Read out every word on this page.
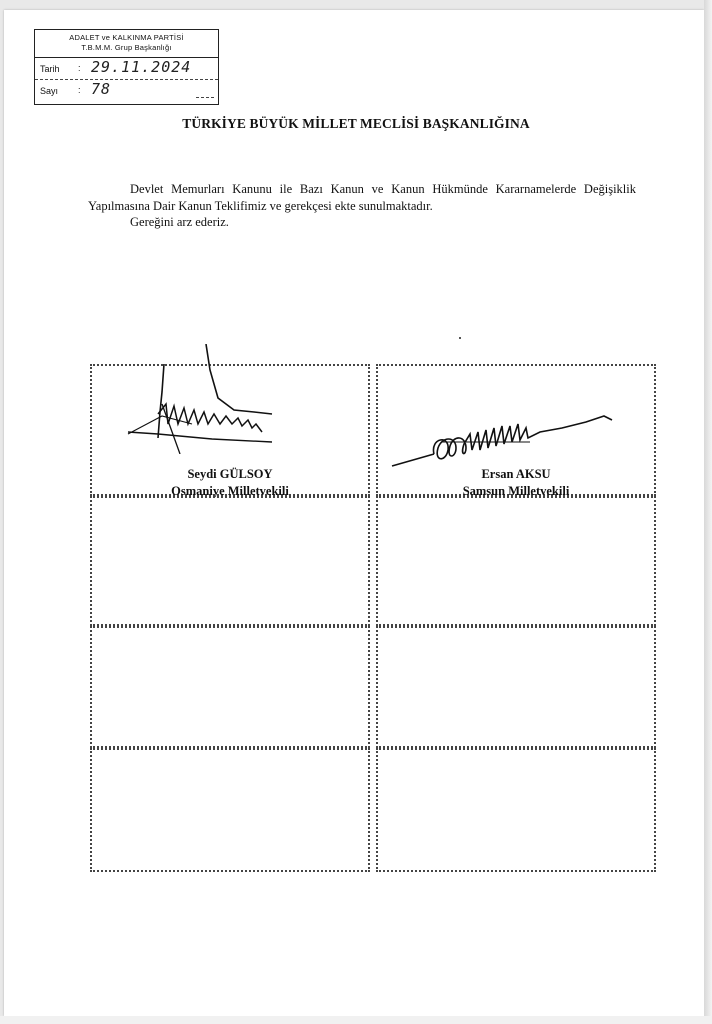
ADALET ve KALKINMA PARTİSİ
T.B.M.M. Grup Başkanlığı
Tarih : 29.11.2024
Sayı : 78
TÜRKİYE BÜYÜK MİLLET MECLİSİ BAŞKANLIĞINA
Devlet Memurları Kanunu ile Bazı Kanun ve Kanun Hükmünde Kararnamelerde Değişiklik Yapılmasına Dair Kanun Teklifimiz ve gerekçesi ekte sunulmaktadır.
Gereğini arz ederiz.
Seydi GÜLSOY
Osmaniye Milletvekili
Ersan AKSU
Samsun Milletvekili
